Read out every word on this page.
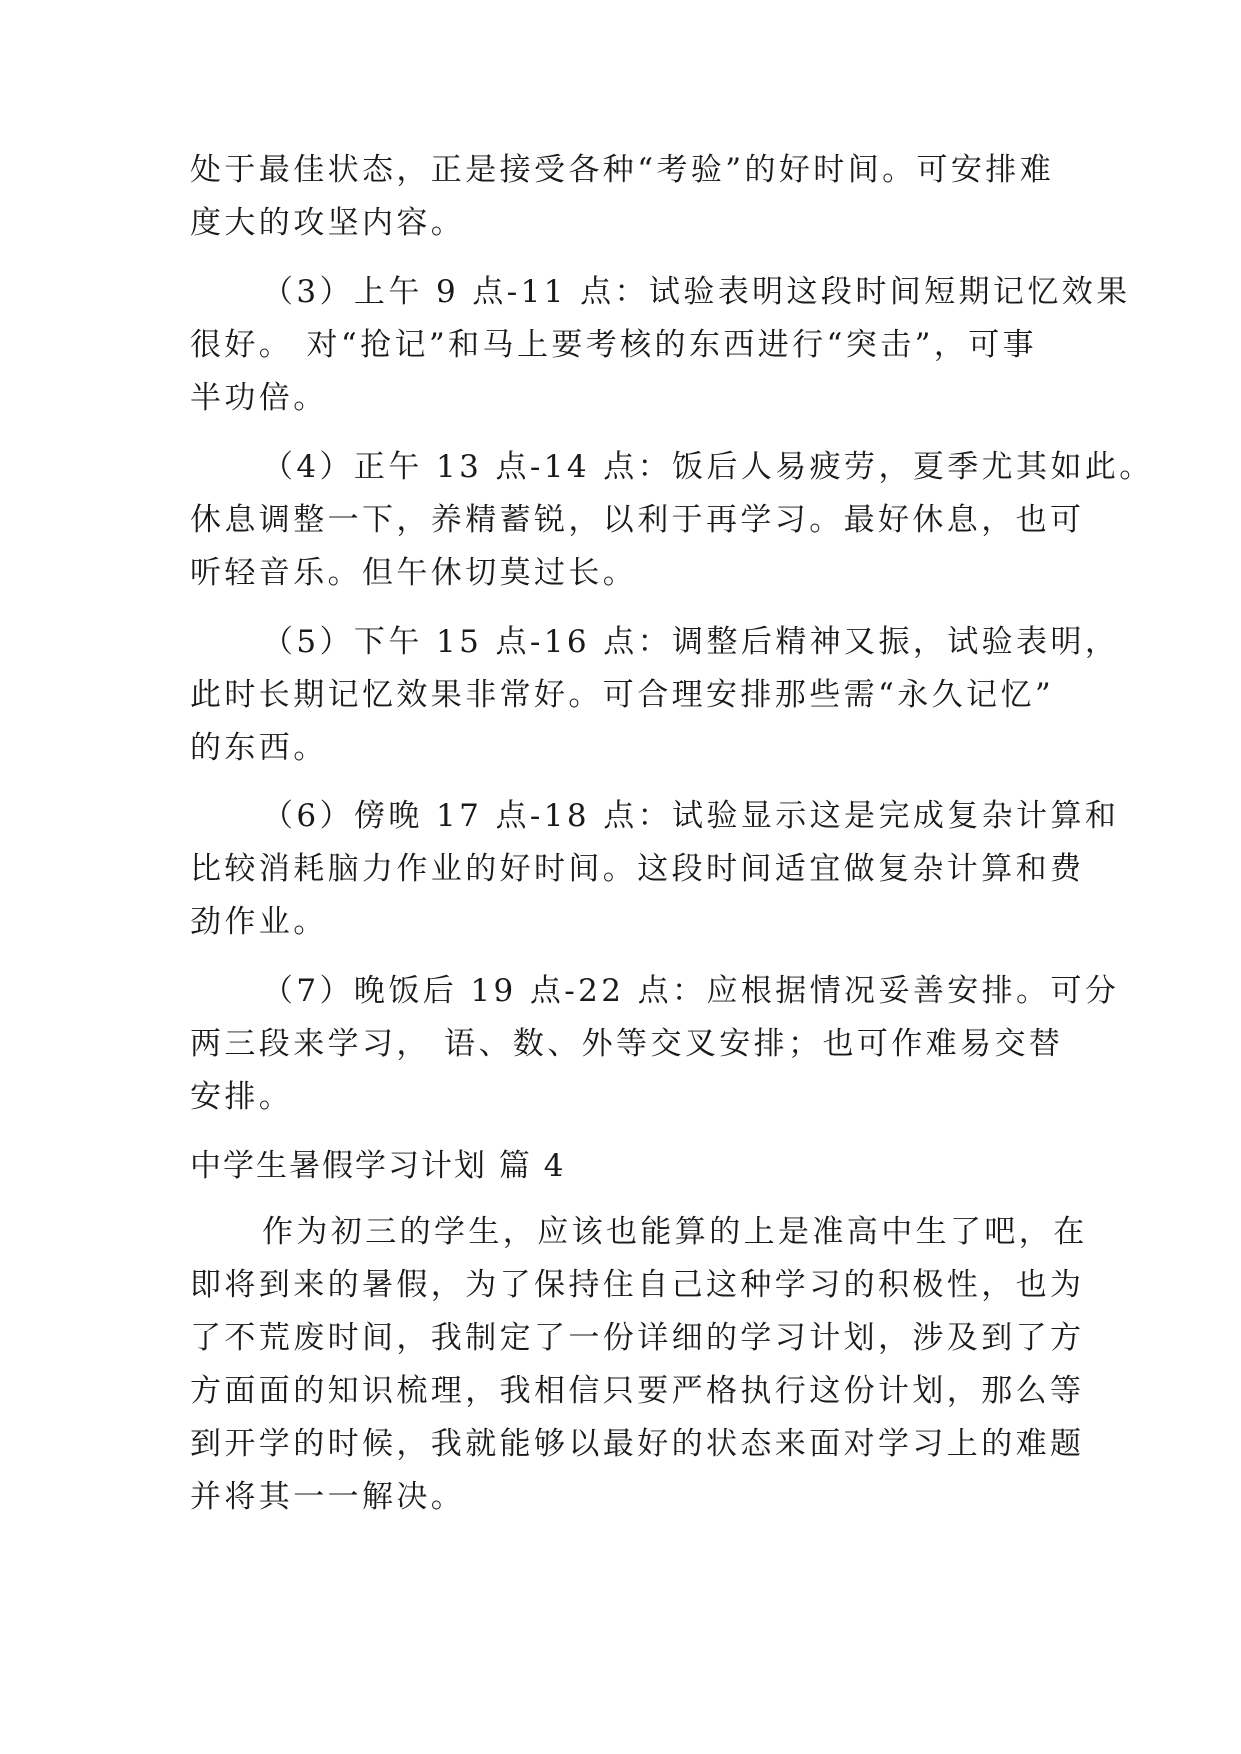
处于最佳状态，正是接受各种“考验”的好时间。可安排难
度大的攻坚内容。
（3）上午 9 点-11 点：试验表明这段时间短期记忆效果
很好。 对“抢记”和马上要考核的东西进行“突击”，可事
半功倍。
（4）正午 13 点-14 点：饭后人易疲劳，夏季尤其如此。
休息调整一下，养精蓄锐，以利于再学习。最好休息，也可
听轻音乐。但午休切莫过长。
（5）下午 15 点-16 点：调整后精神又振，试验表明，
此时长期记忆效果非常好。可合理安排那些需“永久记忆”
的东西。
（6）傍晚 17 点-18 点：试验显示这是完成复杂计算和
比较消耗脑力作业的好时间。这段时间适宜做复杂计算和费
劲作业。
（7）晚饭后 19 点-22 点：应根据情况妥善安排。可分
两三段来学习， 语、数、外等交叉安排；也可作难易交替
安排。
中学生暑假学习计划 篇 4
作为初三的学生，应该也能算的上是准高中生了吧，在
即将到来的暑假，为了保持住自己这种学习的积极性，也为
了不荒废时间，我制定了一份详细的学习计划，涉及到了方
方面面的知识梳理，我相信只要严格执行这份计划，那么等
到开学的时候，我就能够以最好的状态来面对学习上的难题
并将其一一解决。
